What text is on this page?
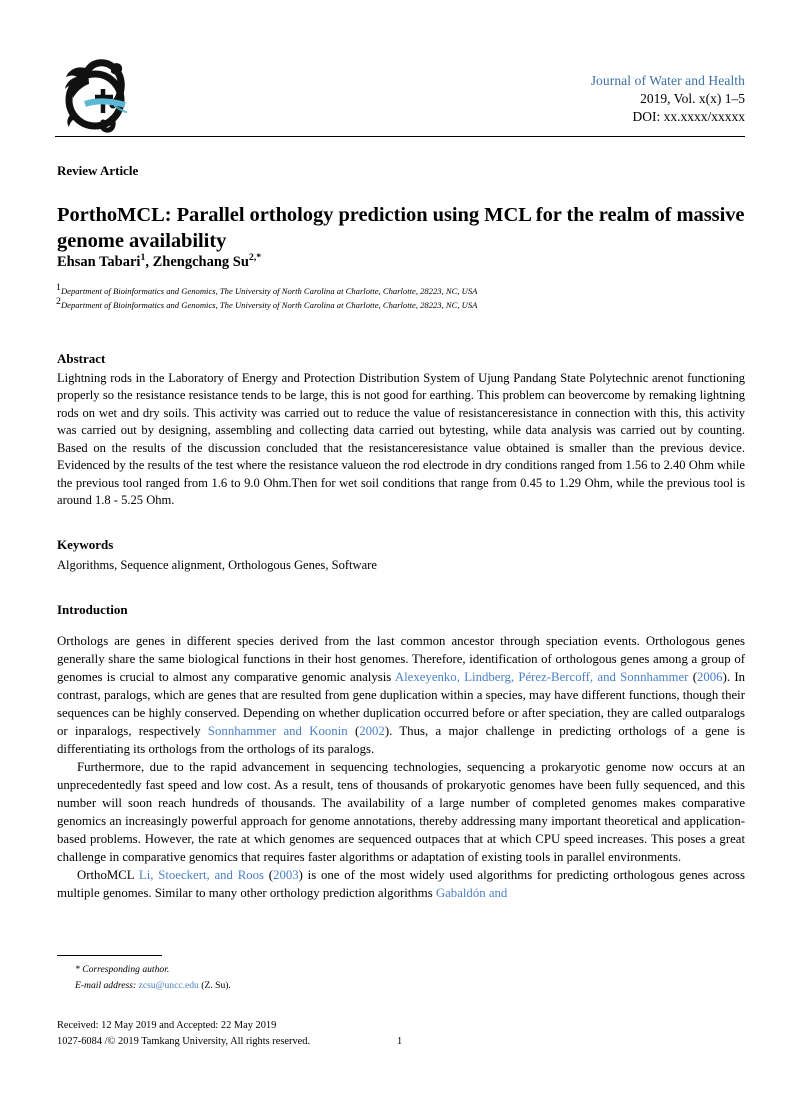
Journal of Water and Health
2019, Vol. x(x) 1–5
DOI: xx.xxxx/xxxxx
Review Article
PorthoMCL: Parallel orthology prediction using MCL for the realm of massive genome availability
Ehsan Tabari$^1$, Zhengchang $Su^{2,*}$
$^1$Department of Bioinformatics and Genomics, The University of North Carolina at Charlotte, Charlotte, 28223, NC, USA
$^2$Department of Bioinformatics and Genomics, The University of North Carolina at Charlotte, Charlotte, 28223, NC, USA
Abstract
Lightning rods in the Laboratory of Energy and Protection Distribution System of Ujung Pandang State Polytechnic arenot functioning properly so the resistance resistance tends to be large, this is not good for earthing. This problem can beovercome by remaking lightning rods on wet and dry soils. This activity was carried out to reduce the value of resistanceresistance in connection with this, this activity was carried out by designing, assembling and collecting data carried out bytesting, while data analysis was carried out by counting. Based on the results of the discussion concluded that the resistanceresistance value obtained is smaller than the previous device. Evidenced by the results of the test where the resistance valueon the rod electrode in dry conditions ranged from 1.56 to 2.40 Ohm while the previous tool ranged from 1.6 to 9.0 Ohm.Then for wet soil conditions that range from 0.45 to 1.29 Ohm, while the previous tool is around 1.8 - 5.25 Ohm.
Keywords
Algorithms, Sequence alignment, Orthologous Genes, Software
Introduction

Orthologs are genes in different species derived from the last common ancestor through speciation events. Orthologous genes generally share the same biological functions in their host genomes. Therefore, identification of orthologous genes among a group of genomes is crucial to almost any comparative genomic analysis Alexeyenko, Lindberg, Pérez-Bercoff, and Sonnhammer (2006). In contrast, paralogs, which are genes that are resulted from gene duplication within a species, may have different functions, though their sequences can be highly conserved. Depending on whether duplication occurred before or after speciation, they are called outparalogs or inparalogs, respectively Sonnhammer and Koonin (2002). Thus, a major challenge in predicting orthologs of a gene is differentiating its orthologs from the orthologs of its paralogs.

Furthermore, due to the rapid advancement in sequencing technologies, sequencing a prokaryotic genome now occurs at an unprecedentedly fast speed and low cost. As a result, tens of thousands of prokaryotic genomes have been fully sequenced, and this number will soon reach hundreds of thousands. The availability of a large number of completed genomes makes comparative genomics an increasingly powerful approach for genome annotations, thereby addressing many important theoretical and application-based problems. However, the rate at which genomes are sequenced outpaces that at which CPU speed increases. This poses a great challenge in comparative genomics that requires faster algorithms or adaptation of existing tools in parallel environments.

OrthoMCL Li, Stoeckert, and Roos (2003) is one of the most widely used algorithms for predicting orthologous genes across multiple genomes. Similar to many other orthology prediction algorithms Gabaldón and

* Corresponding author.
E-mail address: zcsu@uncc.edu (Z. Su).
Received: 12 May 2019 and Accepted: 22 May 2019
1027-6084 /© 2019 Tamkang University, All rights reserved.	1
